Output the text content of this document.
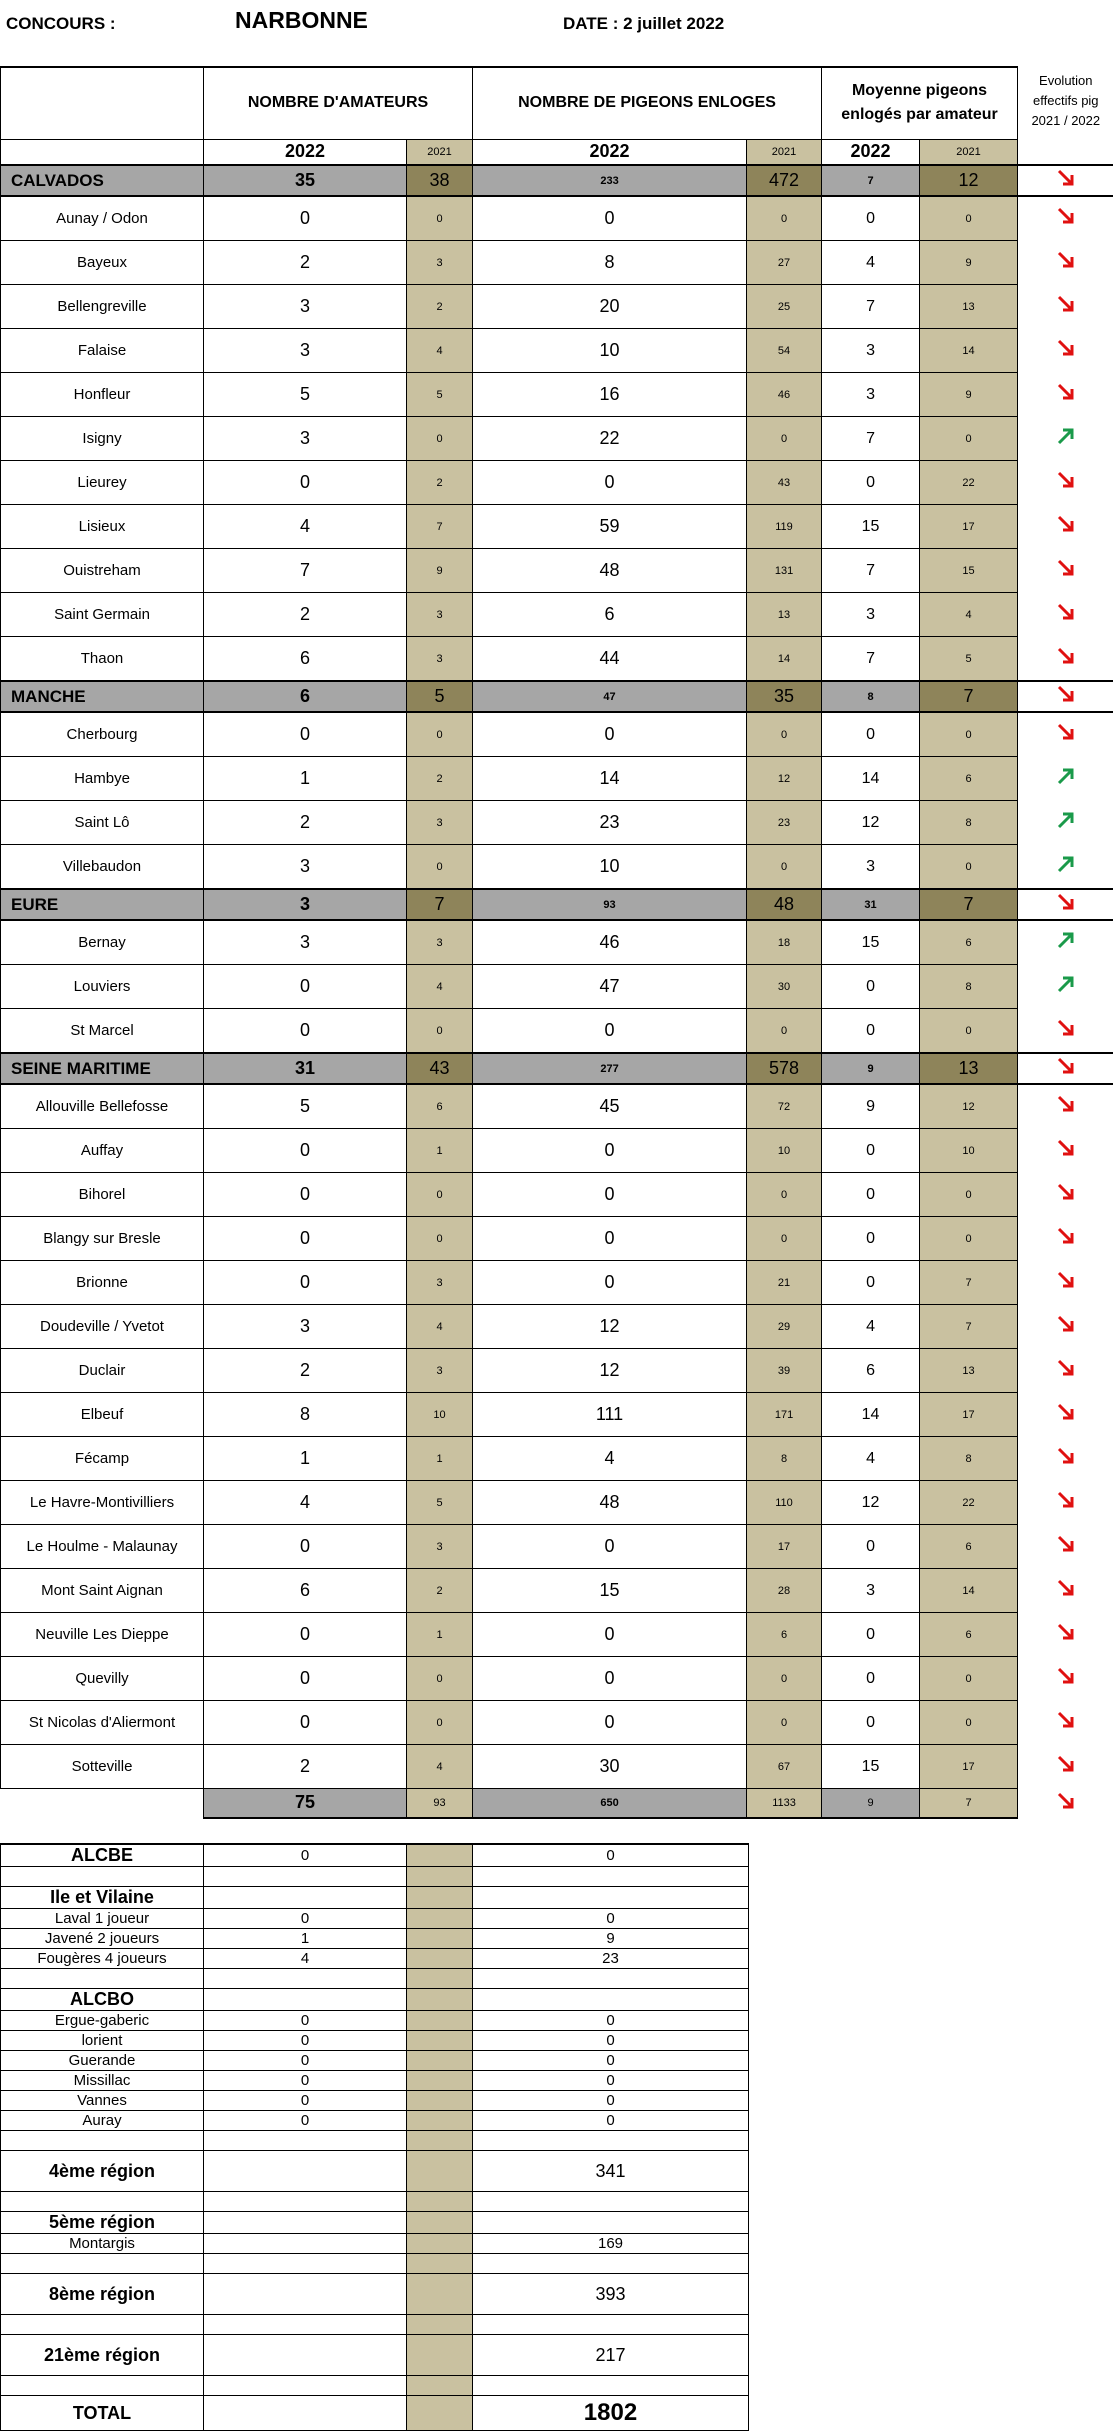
CONCOURS :	NARBONNE	DATE : 2 juillet 2022
	NOMBRE D'AMATEURS		NOMBRE DE PIGEONS ENLOGES		Moyenne pigeons enlogés par amateur		Evolution effectifs pig 2021 / 2022
	2022	2021	2022	2021	2022	2021	
CALVADOS	35	38	233	472	7	12	
Aunay / Odon	0	0	0	0	0	0	
Bayeux	2	3	8	27	4	9	
Bellengreville	3	2	20	25	7	13	
Falaise	3	4	10	54	3	14	
Honfleur	5	5	16	46	3	9	
Isigny	3	0	22	0	7	0	
Lieurey	0	2	0	43	0	22	
Lisieux	4	7	59	119	15	17	
Ouistreham	7	9	48	131	7	15	
Saint Germain	2	3	6	13	3	4	
Thaon	6	3	44	14	7	5	
MANCHE	6	5	47	35	8	7	
Cherbourg	0	0	0	0	0	0	
Hambye	1	2	14	12	14	6	
Saint Lô	2	3	23	23	12	8	
Villebaudon	3	0	10	0	3	0	
EURE	3	7	93	48	31	7	
Bernay	3	3	46	18	15	6	
Louviers	0	4	47	30	0	8	
St Marcel	0	0	0	0	0	0	
SEINE MARITIME	31	43	277	578	9	13	
Allouville Bellefosse	5	6	45	72	9	12	
Auffay	0	1	0	10	0	10	
Bihorel	0	0	0	0	0	0	
Blangy sur Bresle	0	0	0	0	0	0	
Brionne	0	3	0	21	0	7	
Doudeville / Yvetot	3	4	12	29	4	7	
Duclair	2	3	12	39	6	13	
Elbeuf	8	10	111	171	14	17	
Fécamp	1	1	4	8	4	8	
Le Havre-Montivilliers	4	5	48	110	12	22	
Le Houlme - Malaunay	0	3	0	17	0	6	
Mont Saint Aignan	6	2	15	28	3	14	
Neuville Les Dieppe	0	1	0	6	0	6	
Quevilly	0	0	0	0	0	0	
St Nicolas d'Aliermont	0	0	0	0	0	0	
Sotteville	2	4	30	67	15	17	
	75	93	650	1133	9	7	
ALCBE	0		0

Ile et Vilaine			
Laval 1 joueur	0		0
Javené 2 joueurs	1		9
Fougères 4 joueurs	4		23

ALCBO			
Ergue-gaberic	0		0
lorient	0		0
Guerande	0		0
Missillac	0		0
Vannes	0		0
Auray	0		0

4ème région			341

5ème région			
Montargis			169

8ème région			393

21ème région			217

TOTAL			1802
